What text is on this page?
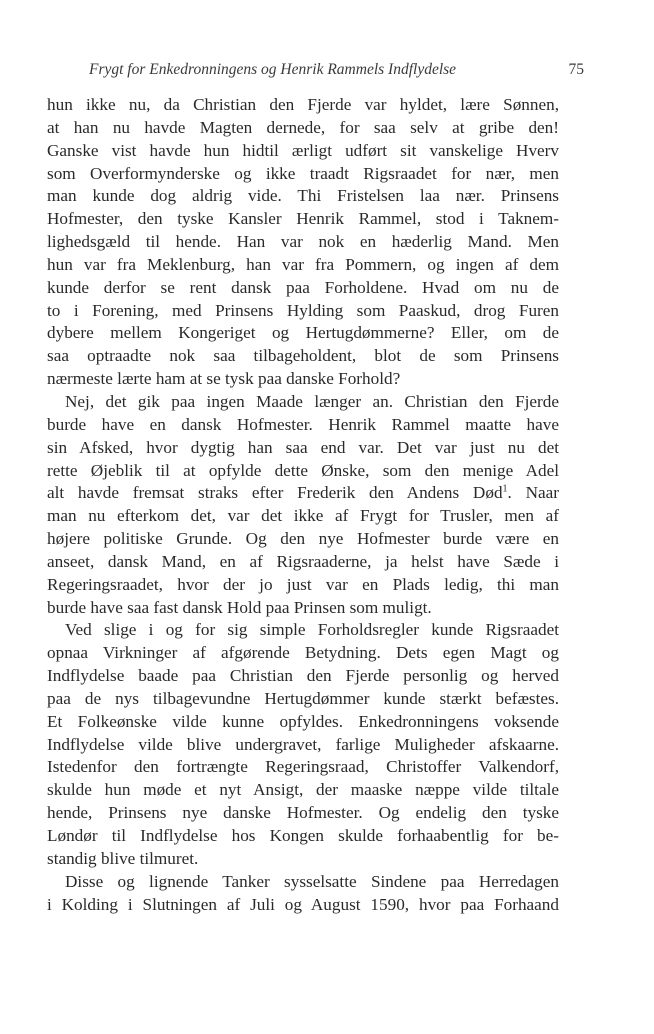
Frygt for Enkedronningens og Henrik Rammels Indflydelse	75
hun ikke nu, da Christian den Fjerde var hyldet, lære Sønnen,
at han nu havde Magten dernede, for saa selv at gribe den!
Ganske vist havde hun hidtil ærligt udført sit vanskelige Hverv
som Overformynderske og ikke traadt Rigsraadet for nær, men
man kunde dog aldrig vide. Thi Fristelsen laa nær. Prinsens
Hofmester, den tyske Kansler Henrik Rammel, stod i Taknem-
lighedsgæld til hende. Han var nok en hæderlig Mand. Men
hun var fra Meklenburg, han var fra Pommern, og ingen af dem
kunde derfor se rent dansk paa Forholdene. Hvad om nu de
to i Forening, med Prinsens Hylding som Paaskud, drog Furen
dybere mellem Kongeriget og Hertugdømmerne? Eller, om de
saa optraadte nok saa tilbageholdent, blot de som Prinsens
nærmeste lærte ham at se tysk paa danske Forhold?
Nej, det gik paa ingen Maade længer an. Christian den Fjerde
burde have en dansk Hofmester. Henrik Rammel maatte have
sin Afsked, hvor dygtig han saa end var. Det var just nu det
rette Øjeblik til at opfylde dette Ønske, som den menige Adel
alt havde fremsat straks efter Frederik den Andens Død$^1$. Naar
man nu efterkom det, var det ikke af Frygt for Trusler, men af
højere politiske Grunde. Og den nye Hofmester burde være en
anseet, dansk Mand, en af Rigsraaderne, ja helst have Sæde i
Regeringsraadet, hvor der jo just var en Plads ledig, thi man
burde have saa fast dansk Hold paa Prinsen som muligt.
Ved slige i og for sig simple Forholdsregler kunde Rigsraadet
opnaa Virkninger af afgørende Betydning. Dets egen Magt og
Indflydelse baade paa Christian den Fjerde personlig og herved
paa de nys tilbagevundne Hertugdømmer kunde stærkt befæstes.
Et Folkeønske vilde kunne opfyldes. Enkedronningens voksende
Indflydelse vilde blive undergravet, farlige Muligheder afskaarne.
Istedenfor den fortrængte Regeringsraad, Christoffer Valkendorf,
skulde hun møde et nyt Ansigt, der maaske næppe vilde tiltale
hende, Prinsens nye danske Hofmester. Og endelig den tyske
Løndør til Indflydelse hos Kongen skulde forhaabentlig for be-
standig blive tilmuret.
Disse og lignende Tanker sysselsatte Sindene paa Herredagen
i Kolding i Slutningen af Juli og August 1590, hvor paa Forhaand
